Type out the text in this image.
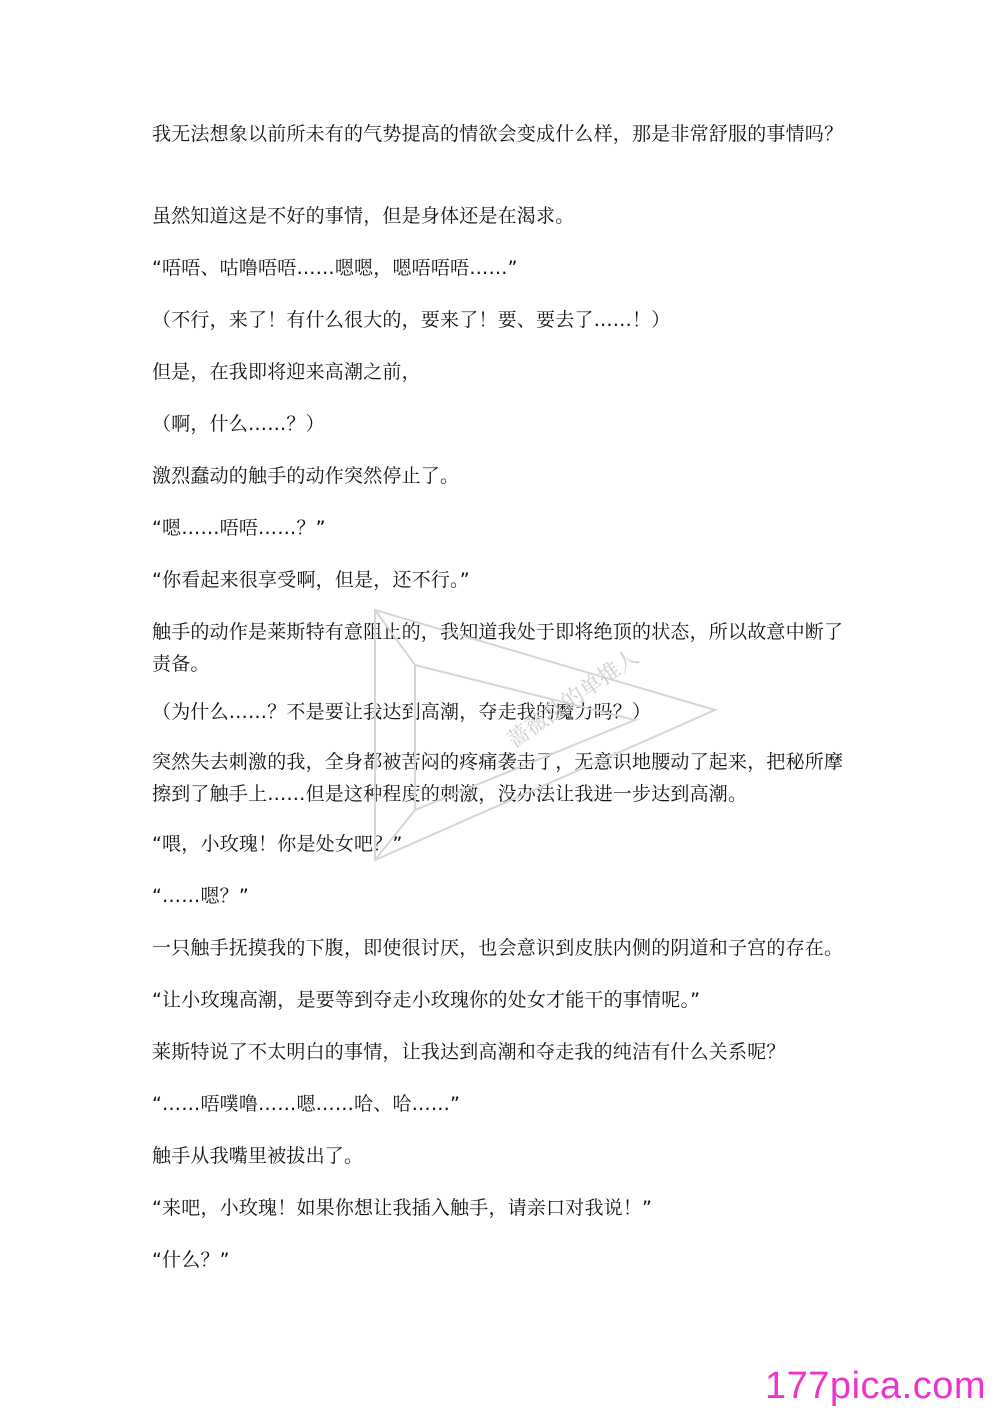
我无法想象以前所未有的气势提高的情欲会变成什么样，那是非常舒服的事情吗？

虽然知道这是不好的事情，但是身体还是在渴求。

“唔唔、咕噜唔唔……嗯嗯，嗯唔唔唔……”

（不行，来了！有什么很大的，要来了！要、要去了……！）

但是，在我即将迎来高潮之前，

（啊，什么……？）

激烈蠢动的触手的动作突然停止了。

“嗯……唔唔……？”

“你看起来很享受啊，但是，还不行。”

触手的动作是莱斯特有意阻止的，我知道我处于即将绝顶的状态，所以故意中断了责备。

（为什么……？不是要让我达到高潮，夺走我的魔力吗？）

突然失去刺激的我，全身都被苦闷的疼痛袭击了，无意识地腰动了起来，把秘所摩擦到了触手上……但是这种程度的刺激，没办法让我进一步达到高潮。

“喂，小玫瑰！你是处女吧？”

“……嗯？”

一只触手抚摸我的下腹，即使很讨厌，也会意识到皮肤内侧的阴道和子宫的存在。

“让小玫瑰高潮，是要等到夺走小玫瑰你的处女才能干的事情呢。”

莱斯特说了不太明白的事情，让我达到高潮和夺走我的纯洁有什么关系呢？

“……唔噗噜……嗯……哈、哈……”

触手从我嘴里被拔出了。

“来吧，小玫瑰！如果你想让我插入触手，请亲口对我说！”

“什么？”

蔷薇乱的单推人
177pica.com
